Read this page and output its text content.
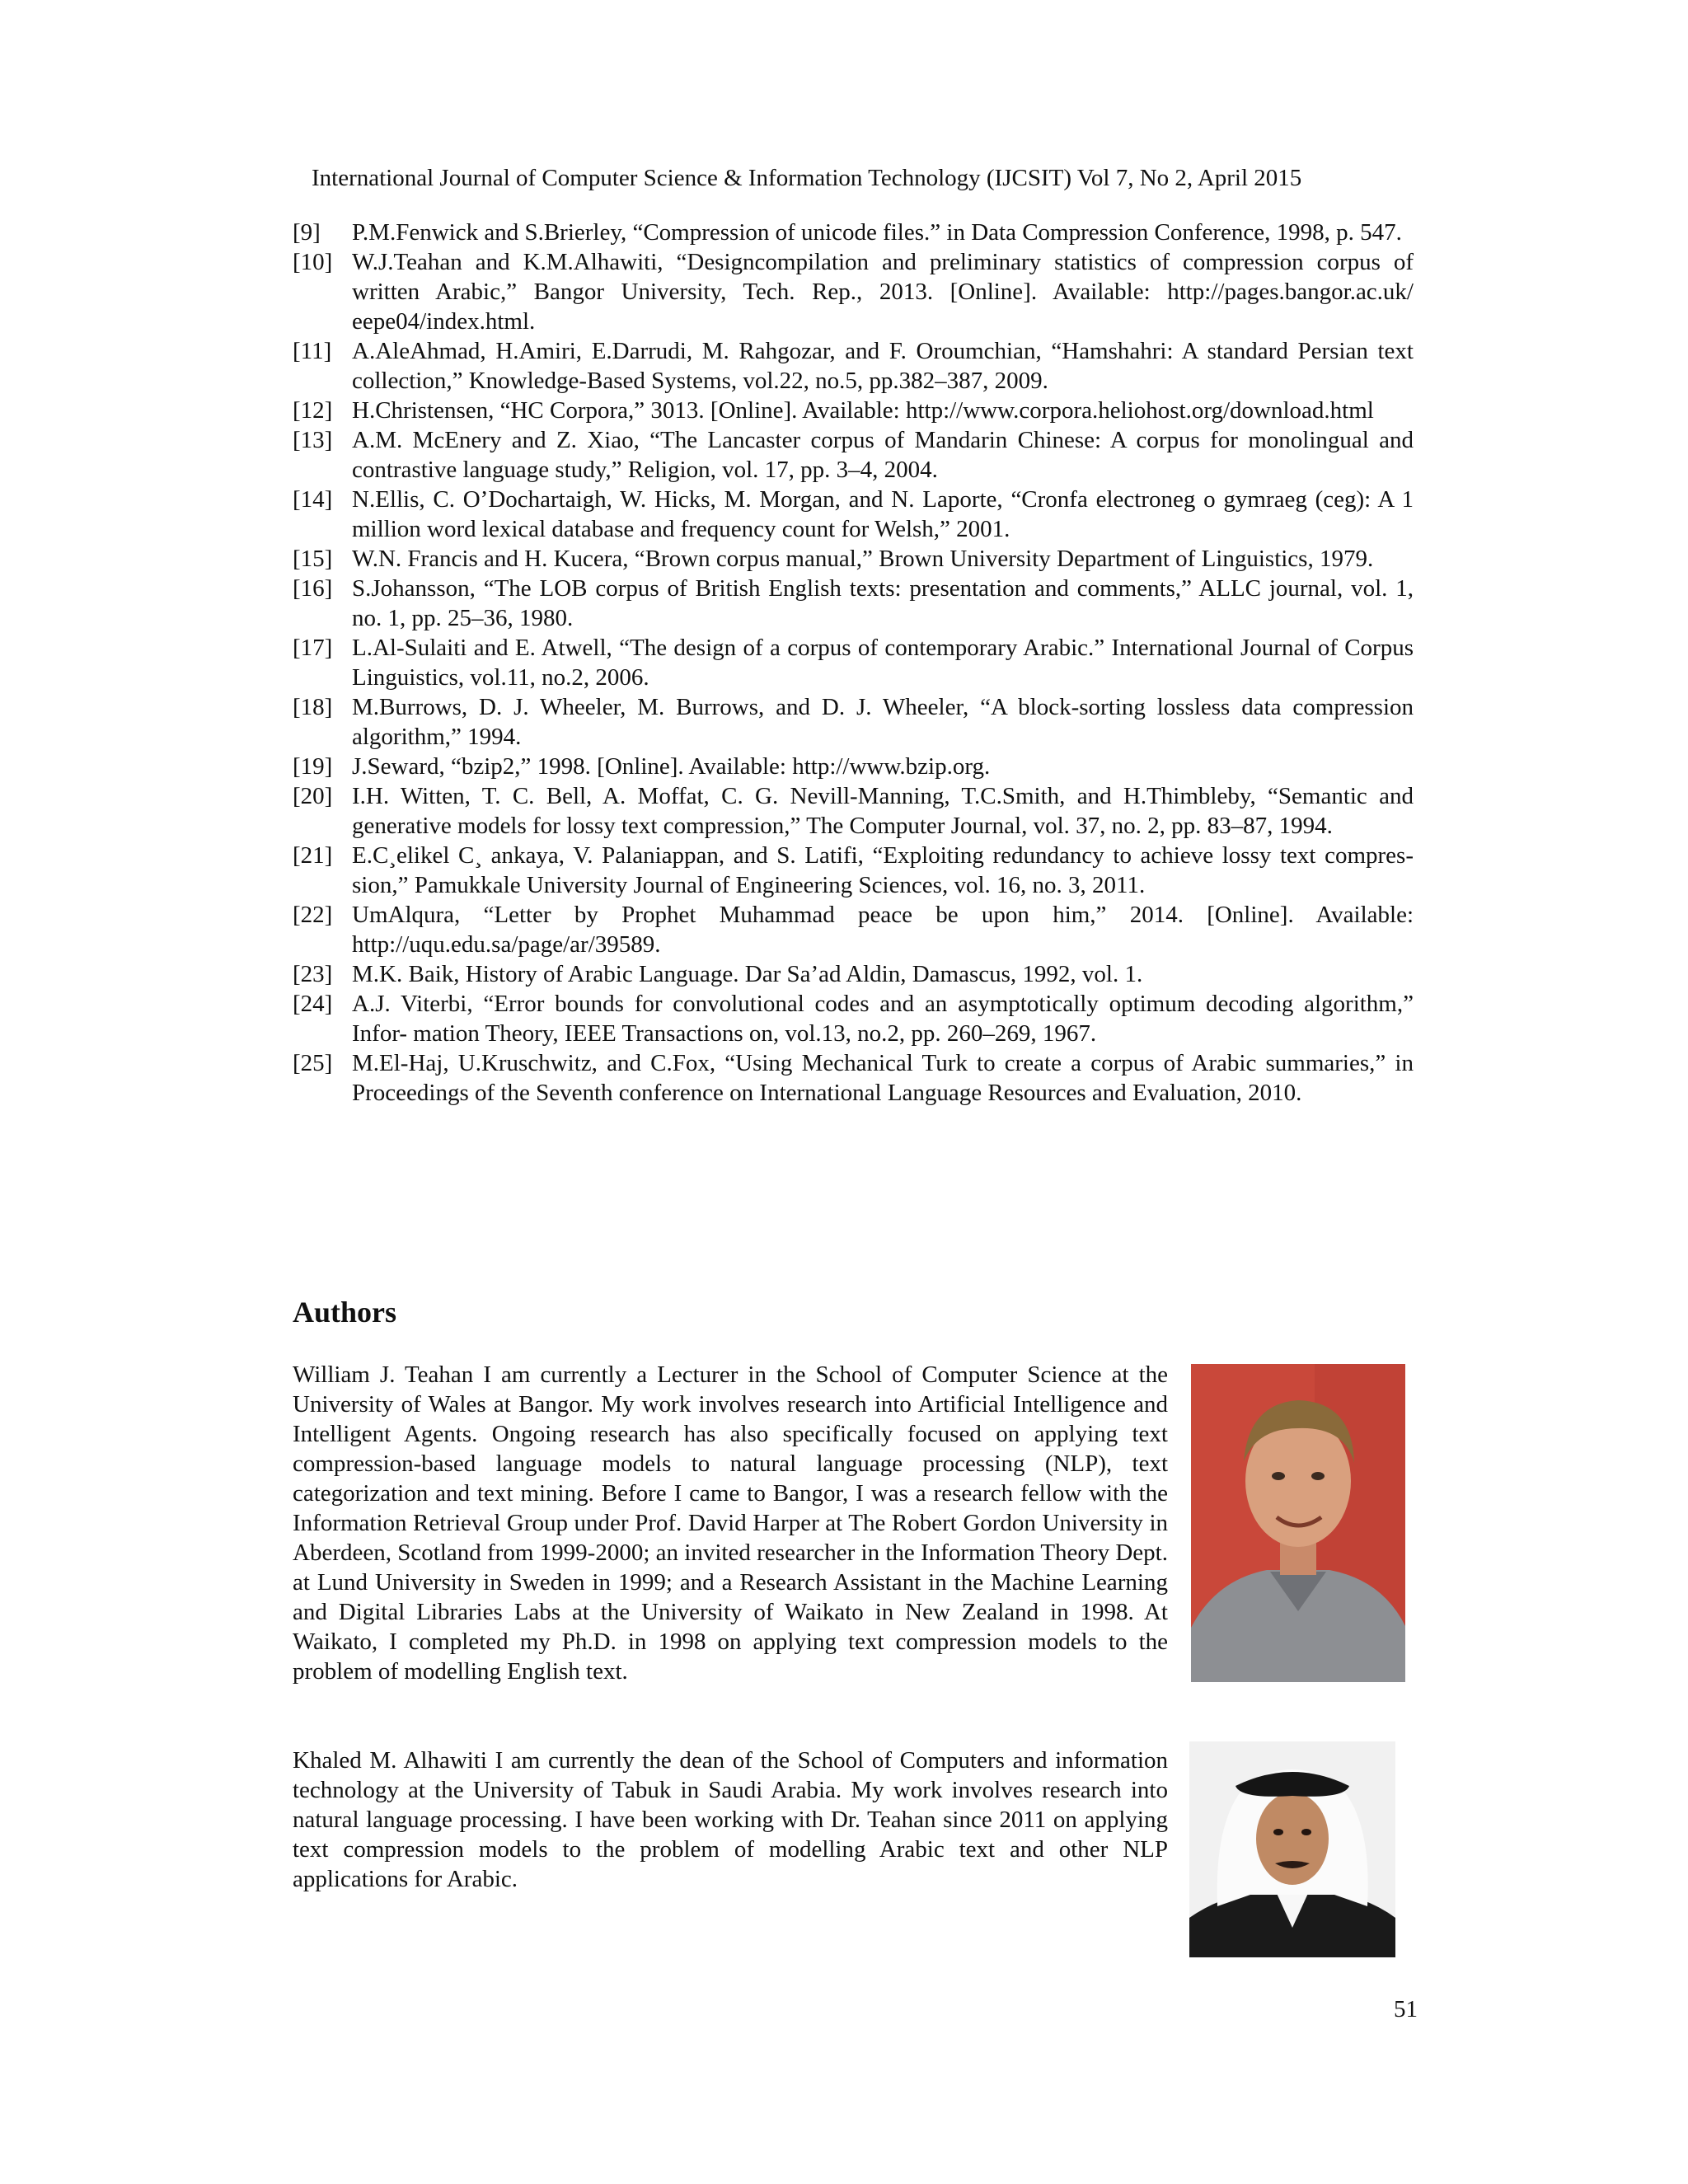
International Journal of Computer Science & Information Technology (IJCSIT) Vol 7, No 2, April 2015
[9] P.M.Fenwick and S.Brierley, “Compression of unicode files.” in Data Compression Conference, 1998, p. 547.
[10] W.J.Teahan and K.M.Alhawiti, “Designcompilation and preliminary statistics of compression corpus of written Arabic,” Bangor University, Tech. Rep., 2013. [Online]. Available: http://pages.bangor.ac.uk/ eepe04/index.html.
[11] A.AleAhmad, H.Amiri, E.Darrudi, M. Rahgozar, and F. Oroumchian, “Hamshahri: A standard Persian text collection,” Knowledge-Based Systems, vol.22, no.5, pp.382–387, 2009.
[12] H.Christensen, “HC Corpora,” 3013. [Online]. Available: http://www.corpora.heliohost.org/download.html
[13] A.M. McEnery and Z. Xiao, “The Lancaster corpus of Mandarin Chinese: A corpus for monolingual and contrastive language study,” Religion, vol. 17, pp. 3–4, 2004.
[14] N.Ellis, C. O’Dochartaigh, W. Hicks, M. Morgan, and N. Laporte, “Cronfa electroneg o gymraeg (ceg): A 1 million word lexical database and frequency count for Welsh,” 2001.
[15] W.N. Francis and H. Kucera, “Brown corpus manual,” Brown University Department of Linguistics, 1979.
[16] S.Johansson, “The LOB corpus of British English texts: presentation and comments,” ALLC journal, vol. 1, no. 1, pp. 25–36, 1980.
[17] L.Al-Sulaiti and E. Atwell, “The design of a corpus of contemporary Arabic.” International Journal of Corpus Linguistics, vol.11, no.2, 2006.
[18] M.Burrows, D. J. Wheeler, M. Burrows, and D. J. Wheeler, “A block-sorting lossless data compression algorithm,” 1994.
[19] J.Seward, “bzip2,” 1998. [Online]. Available: http://www.bzip.org.
[20] I.H. Witten, T. C. Bell, A. Moffat, C. G. Nevill-Manning, T.C.Smith, and H.Thimbleby, “Semantic and generative models for lossy text compression,” The Computer Journal, vol. 37, no. 2, pp. 83–87, 1994.
[21] E.C¸elikel C¸ ankaya, V. Palaniappan, and S. Latifi, “Exploiting redundancy to achieve lossy text compres- sion,” Pamukkale University Journal of Engineering Sciences, vol. 16, no. 3, 2011.
[22] UmAlqura, “Letter by Prophet Muhammad peace be upon him,” 2014. [Online]. Available: http://uqu.edu.sa/page/ar/39589.
[23] M.K. Baik, History of Arabic Language. Dar Sa’ad Aldin, Damascus, 1992, vol. 1.
[24] A.J. Viterbi, “Error bounds for convolutional codes and an asymptotically optimum decoding algorithm,” Infor- mation Theory, IEEE Transactions on, vol.13, no.2, pp. 260–269, 1967.
[25] M.El-Haj, U.Kruschwitz, and C.Fox, “Using Mechanical Turk to create a corpus of Arabic summaries,” in Proceedings of the Seventh conference on International Language Resources and Evaluation, 2010.
Authors

William J. Teahan I am currently a Lecturer in the School of Computer Science at the University of Wales at Bangor. My work involves research into Artificial Intelligence and Intelligent Agents. Ongoing research has also specifically focused on applying text compression-based language models to natural language processing (NLP), text categorization and text mining. Before I came to Bangor, I was a research fellow with the Information Retrieval Group under Prof. David Harper at The Robert Gordon University in Aberdeen, Scotland from 1999-2000; an invited researcher in the Information Theory Dept. at Lund University in Sweden in 1999; and a Research Assistant in the Machine Learning and Digital Libraries Labs at the University of Waikato in New Zealand in 1998. At Waikato, I completed my Ph.D. in 1998 on applying text compression models to the problem of modelling English text.

Khaled M. Alhawiti I am currently the dean of the School of Computers and information technology at the University of Tabuk in Saudi Arabia. My work involves research into natural language processing. I have been working with Dr. Teahan since 2011 on applying text compression models to the problem of modelling Arabic text and other NLP applications for Arabic.

51
